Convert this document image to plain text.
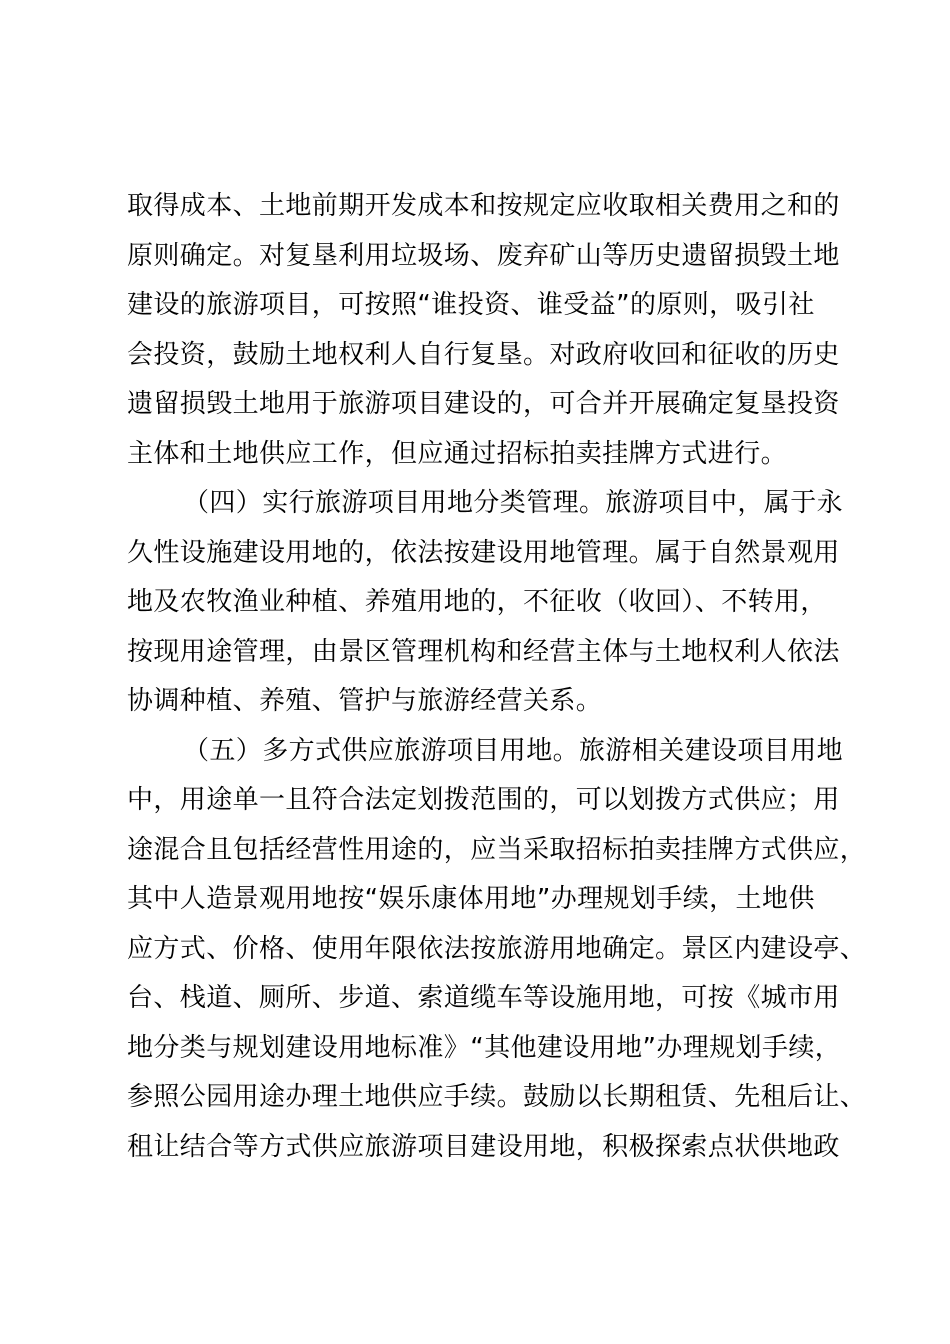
取得成本、土地前期开发成本和按规定应收取相关费用之和的
原则确定。对复垦利用垃圾场、废弃矿山等历史遗留损毁土地
建设的旅游项目，可按照“谁投资、谁受益”的原则，吸引社
会投资，鼓励土地权利人自行复垦。对政府收回和征收的历史
遗留损毁土地用于旅游项目建设的，可合并开展确定复垦投资
主体和土地供应工作，但应通过招标拍卖挂牌方式进行。
（四）实行旅游项目用地分类管理。旅游项目中，属于永
久性设施建设用地的，依法按建设用地管理。属于自然景观用
地及农牧渔业种植、养殖用地的，不征收（收回）、不转用，
按现用途管理，由景区管理机构和经营主体与土地权利人依法
协调种植、养殖、管护与旅游经营关系。
（五）多方式供应旅游项目用地。旅游相关建设项目用地
中，用途单一且符合法定划拨范围的，可以划拨方式供应；用
途混合且包括经营性用途的，应当采取招标拍卖挂牌方式供应，
其中人造景观用地按“娱乐康体用地”办理规划手续，土地供
应方式、价格、使用年限依法按旅游用地确定。景区内建设亭、
台、栈道、厕所、步道、索道缆车等设施用地，可按《城市用
地分类与规划建设用地标准》“其他建设用地”办理规划手续，
参照公园用途办理土地供应手续。鼓励以长期租赁、先租后让、
租让结合等方式供应旅游项目建设用地，积极探索点状供地政
